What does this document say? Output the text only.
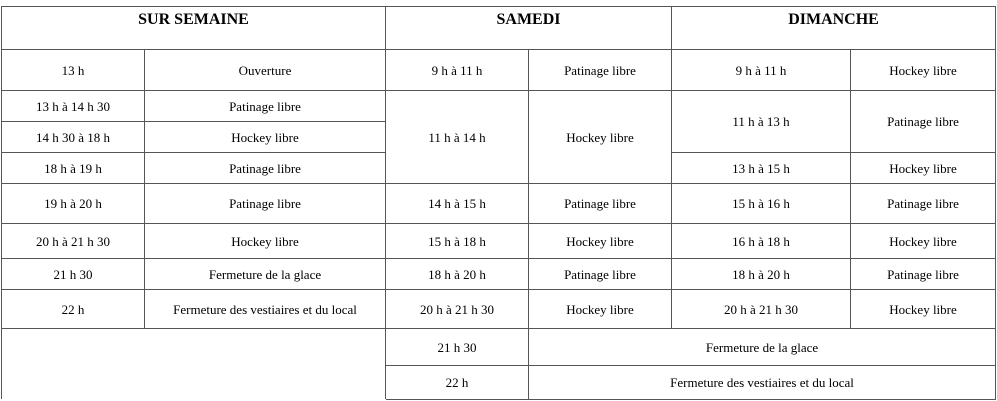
SUR SEMAINE		SAMEDI		DIMANCHE	
13 h	Ouverture	9 h à 11 h	Patinage libre	9 h à 11 h	Hockey libre
13 h à 14 h 30	Patinage libre	11 h à 14 h	Hockey libre	11 h à 13 h	Patinage libre
14 h 30 à 18 h	Hockey libre				
18 h à 19 h	Patinage libre			13 h à 15 h	Hockey libre
19 h à 20 h	Patinage libre	14 h à 15 h	Patinage libre	15 h à 16 h	Patinage libre
20 h à 21 h 30	Hockey libre	15 h à 18 h	Hockey libre	16 h à 18 h	Hockey libre
21 h 30	Fermeture de la glace	18 h à 20 h	Patinage libre	18 h à 20 h	Patinage libre
22 h	Fermeture des vestiaires et du local	20 h à 21 h 30	Hockey libre	20 h à 21 h 30	Hockey libre
		21 h 30	Fermeture de la glace		
		22 h	Fermeture des vestiaires et du local		
